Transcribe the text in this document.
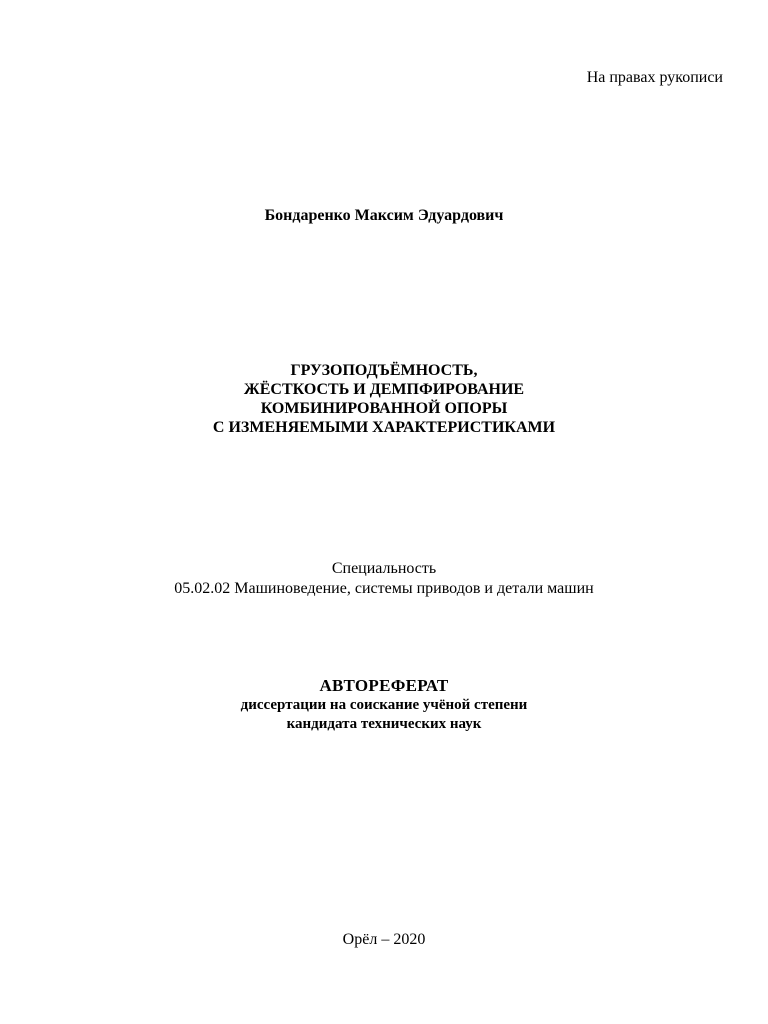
На правах рукописи
Бондаренко Максим Эдуардович
ГРУЗОПОДЪЁМНОСТЬ,
ЖЁСТКОСТЬ И ДЕМПФИРОВАНИЕ
КОМБИНИРОВАННОЙ ОПОРЫ
С ИЗМЕНЯЕМЫМИ ХАРАКТЕРИСТИКАМИ
Специальность
05.02.02 Машиноведение, системы приводов и детали машин
АВТОРЕФЕРАТ
диссертации на соискание учёной степени
кандидата технических наук
Орёл – 2020
